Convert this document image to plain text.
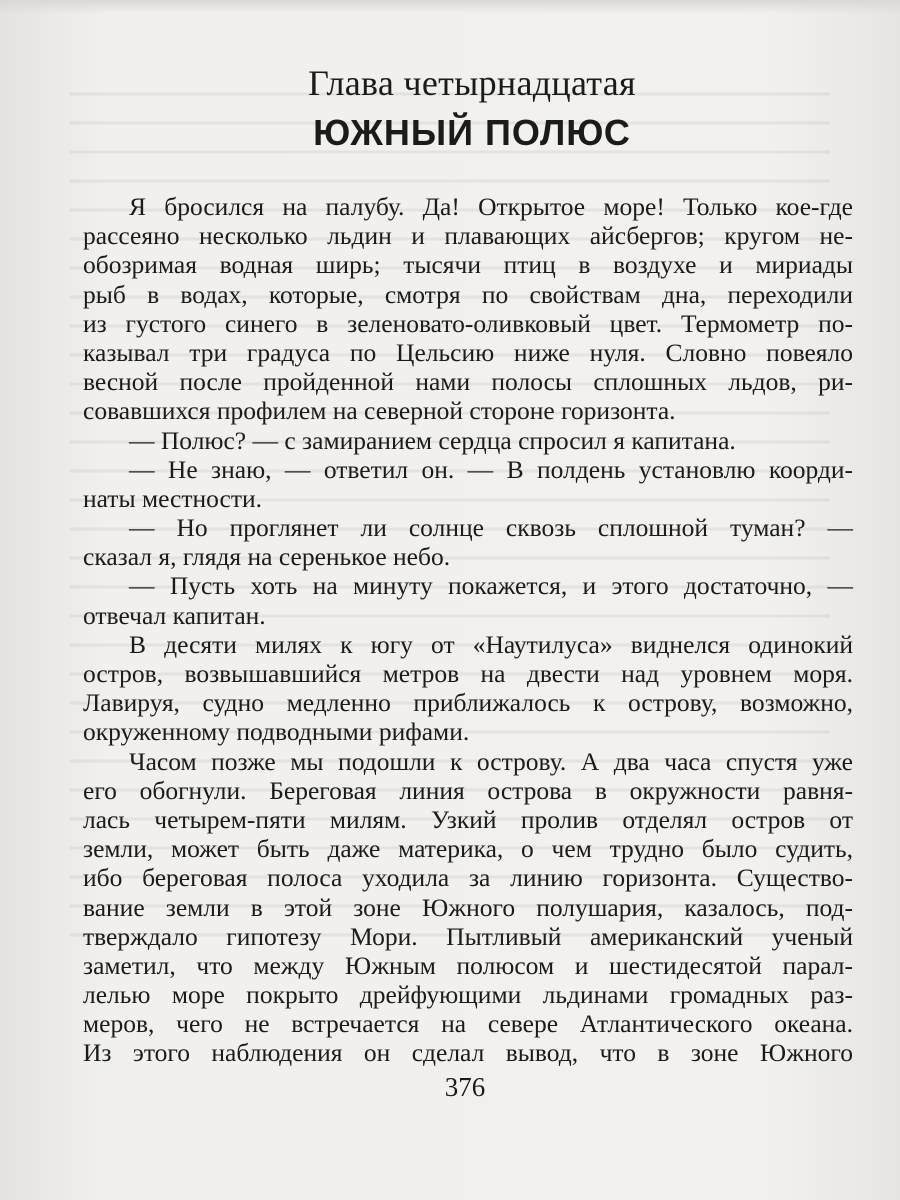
Глава четырнадцатая
ЮЖНЫЙ ПОЛЮС
Я бросился на палубу. Да! Открытое море! Только кое-где
рассеяно несколько льдин и плавающих айсбергов; кругом не-
обозримая водная ширь; тысячи птиц в воздухе и мириады
рыб в водах, которые, смотря по свойствам дна, переходили
из густого синего в зеленовато-оливковый цвет. Термометр по-
казывал три градуса по Цельсию ниже нуля. Словно повеяло
весной после пройденной нами полосы сплошных льдов, ри-
совавшихся профилем на северной стороне горизонта.
— Полюс? — с замиранием сердца спросил я капитана.
— Не знаю, — ответил он. — В полдень установлю коорди-
наты местности.
— Но проглянет ли солнце сквозь сплошной туман? —
сказал я, глядя на серенькое небо.
— Пусть хоть на минуту покажется, и этого достаточно, —
отвечал капитан.
В десяти милях к югу от «Наутилуса» виднелся одинокий
остров, возвышавшийся метров на двести над уровнем моря.
Лавируя, судно медленно приближалось к острову, возможно,
окруженному подводными рифами.
Часом позже мы подошли к острову. А два часа спустя уже
его обогнули. Береговая линия острова в окружности равня-
лась четырем-пяти милям. Узкий пролив отделял остров от
земли, может быть даже материка, о чем трудно было судить,
ибо береговая полоса уходила за линию горизонта. Существо-
вание земли в этой зоне Южного полушария, казалось, под-
тверждало гипотезу Мори. Пытливый американский ученый
заметил, что между Южным полюсом и шестидесятой парал-
лелью море покрыто дрейфующими льдинами громадных раз-
меров, чего не встречается на севере Атлантического океана.
Из этого наблюдения он сделал вывод, что в зоне Южного
376
